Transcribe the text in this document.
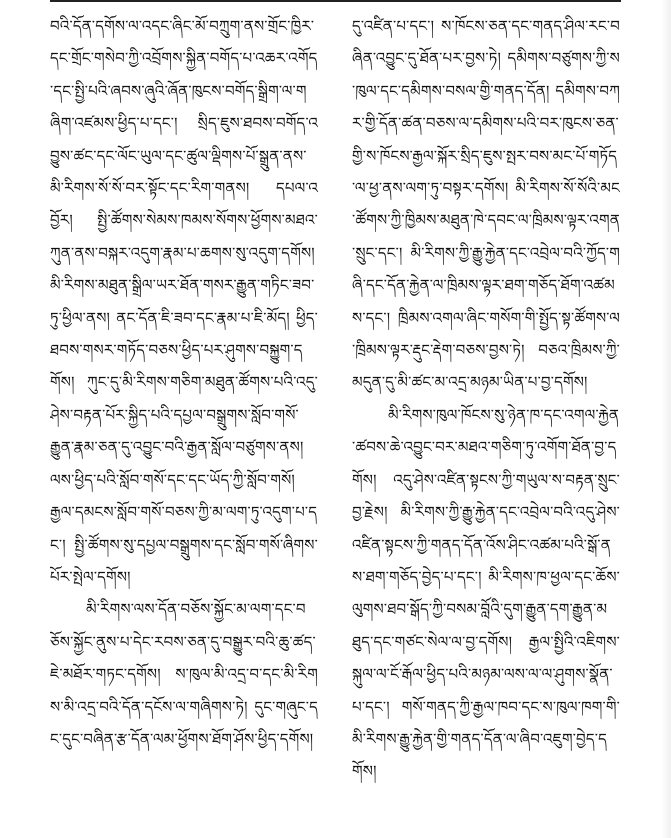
བའི་དོན་དགོས་ལ་འདང་ཞིང་མོ་བཀྲུག་ནས་གྲོང་ཁྱིར་དང་གྲོང་གསེབ་ཀྱི་འབྲོགས་སྐྱིན་བགོད་པ་འཆར་འགོད་དང་སྤྱི་པའི་ཞབས་ཞུའི་ཞོན་ཁུངས་བགོད་སྒྲིག་ལ་གཞིག་འཛམས་ཕྱིད་པ་དང་། སྲིད་ཇུས་ཐབས་བགོད་འབྱུས་ཚང་དང་ལོང་ཡུལ་དང་ཚུལ་ལྡིགས་པོ་སྒྲུན་ནས་མི་རིགས་སོ་སོ་བར་སྟོང་དང་རིག་གནས། དཔལ་འབྱོར། སྤྱི་ཚོགས་སེམས་ཁམས་སོགས་ཕྱོགས་མཐའ་ཀུན་ནས་བསྐར་འདུག་རྣམ་པ་ཆགས་སུ་འདུག་དགོས། མི་རིགས་མཐུན་སྒྲིལ་ཡར་ཐོན་གསར་རྒྱུན་གཏིང་ཟབ་ཏུ་ཕྱིལ་ནས། ནང་དོན་ཇི་ཟབ་དང་རྣམ་པ་ཇི་མོད། ཕྱིད་ཐབས་གསར་གཏོད་བཅས་ཕྱིད་པར་ཤུགས་བསྐྱུག་དགོས། ཀུང་དུ་མི་རིགས་གཅིག་མཐུན་ཚོགས་པའི་འདུ་ཤེས་བརྟན་པོར་སྐྱིད་པའི་དཔྱལ་བསྒྲུགས་སློབ་གསོ་རྒྱུན་རྣམ་ཅན་དུ་འབྱུང་བའི་རྒྱན་སློལ་བཙུགས་ནས། ལས་ཕྱིད་པའི་སློབ་གསོ་དང་དང་ཡོད་ཀྱི་སློབ་གསོ། རྒྱལ་དམངས་སློབ་གསོ་བཅས་ཀྱི་མ་ལག་ཏུ་འདུག་པ་དང་། སྤྱི་ཚོགས་སུ་དཔྱལ་བསྒྲུགས་དང་སློབ་གསོ་ཞིགས་པོར་སྤེལ་དགོས།

མི་རིགས་ལས་དོན་བཅོས་སྐྱོང་མ་ལག་དང་བཅོས་སྐྱོང་ནུས་པ་དེང་རབས་ཅན་དུ་བསྒྱུར་བའི་ཆུ་ཚད་ཇེ་མཐོར་གཏང་དགོས། ས་ཁུལ་མི་འདྲ་བ་དང་མི་རིགས་མི་འདྲ་བའི་དོན་དངོས་ལ་གཞིགས་ཏེ། དུང་གཞུང་དང་དུང་བཞིན་རྩ་དོན་ལམ་ཕྱོགས་ཐོག་ཤོས་ཕྱིད་དགོས།

དུ་འཛིན་པ་དང་། ས་ཁོངས་ཅན་དང་གནད་ཤིལ་རང་བཞིན་འབྱུང་དུ་ཐོན་པར་བྱས་ཏེ། དམིགས་བཙུགས་ཀྱི་ས་ཁུལ་དང་དམིགས་བསལ་གྱི་གནད་དོན། དམིགས་བཀར་གྱི་དོན་ཚན་བཅས་ལ་དམིགས་པའི་བར་ཁུངས་ཅན་གྱི་ས་ཁོངས་རྒྱལ་སྐོར་སྲིད་ཇུས་སྤར་བས་མང་པོ་གཏོད་ལ་ཕྱ་ནས་ལག་ཏུ་བསྟར་དགོས། མི་རིགས་སོ་སོའི་མང་ཚོགས་ཀྱི་ཁྱིམས་མཐུན་ཁེ་དབང་ལ་ཁྲིམས་ལྟར་འགན་སྲུང་དང་། མི་རིགས་ཀྱི་རྒྱུ་རྐྱེན་དང་འབྲེལ་བའི་ཀྱོད་གཞི་དང་དོན་རྐྱེན་ལ་ཁྲིམས་ལྟར་ཐག་གཅོད་ཐོག་འཚམས་དང་། ཁྲིམས་འགལ་ཞིང་གསོག་གི་སྤྱོད་སྟ་ཚོགས་ལ་ཁྲིམས་ལྟར་རྡུང་རྡེག་བཅས་བྱས་ཏེ། བཅའ་ཁྲིམས་ཀྱི་མདུན་དུ་མི་ཚང་མ་འདྲ་མཉམ་ཡིན་པ་བྱ་དགོས།

མི་རིགས་ཁུལ་ཁོངས་སུ་ཉེན་ཁ་དང་འགལ་རྐྱེན་ཚབས་ཆེ་འབྱུང་བར་མཐའ་གཅིག་ཏུ་འགོག་ཐོན་བྱ་དགོས། འདུ་ཤེས་འཛིན་སྟངས་ཀྱི་གཡུལ་ས་བརྟན་སྲུང་བྱ་རྗེས། མི་རིགས་ཀྱི་རྒྱུ་རྐྱེན་དང་འབྲེལ་བའི་འདུ་ཤེས་འཛིན་སྟངས་ཀྱི་གནད་དོན་འོས་ཤིང་འཚམ་པའི་སྒོ་ནས་ཐག་གཅོད་བྱེད་པ་དང་། མི་རིགས་ཁ་ཕྱལ་དང་ཆོས་ལུགས་ཐབ་སྒོད་ཀྱི་བསམ་བློའི་དུག་རྒྱུན་དག་རྒྱུན་མཐུད་དང་གཙང་སེལ་ལ་བྱ་དགོས། རྒྱལ་སྤྱིའི་འཇིགས་སྐུལ་ལ་ངོ་རྒོལ་ཕྱིད་པའི་མཉམ་ལས་ལ་ལ་ཤུགས་སྣོན་པ་དང་། གསོ་གནད་ཀྱི་རྒྱལ་ཁབ་དང་ས་ཁུལ་ཁག་གི་མི་རིགས་རྒྱུ་རྐྱེན་གྱི་གནད་དོན་ལ་ཞིབ་འཇུག་བྱེད་དགོས།
